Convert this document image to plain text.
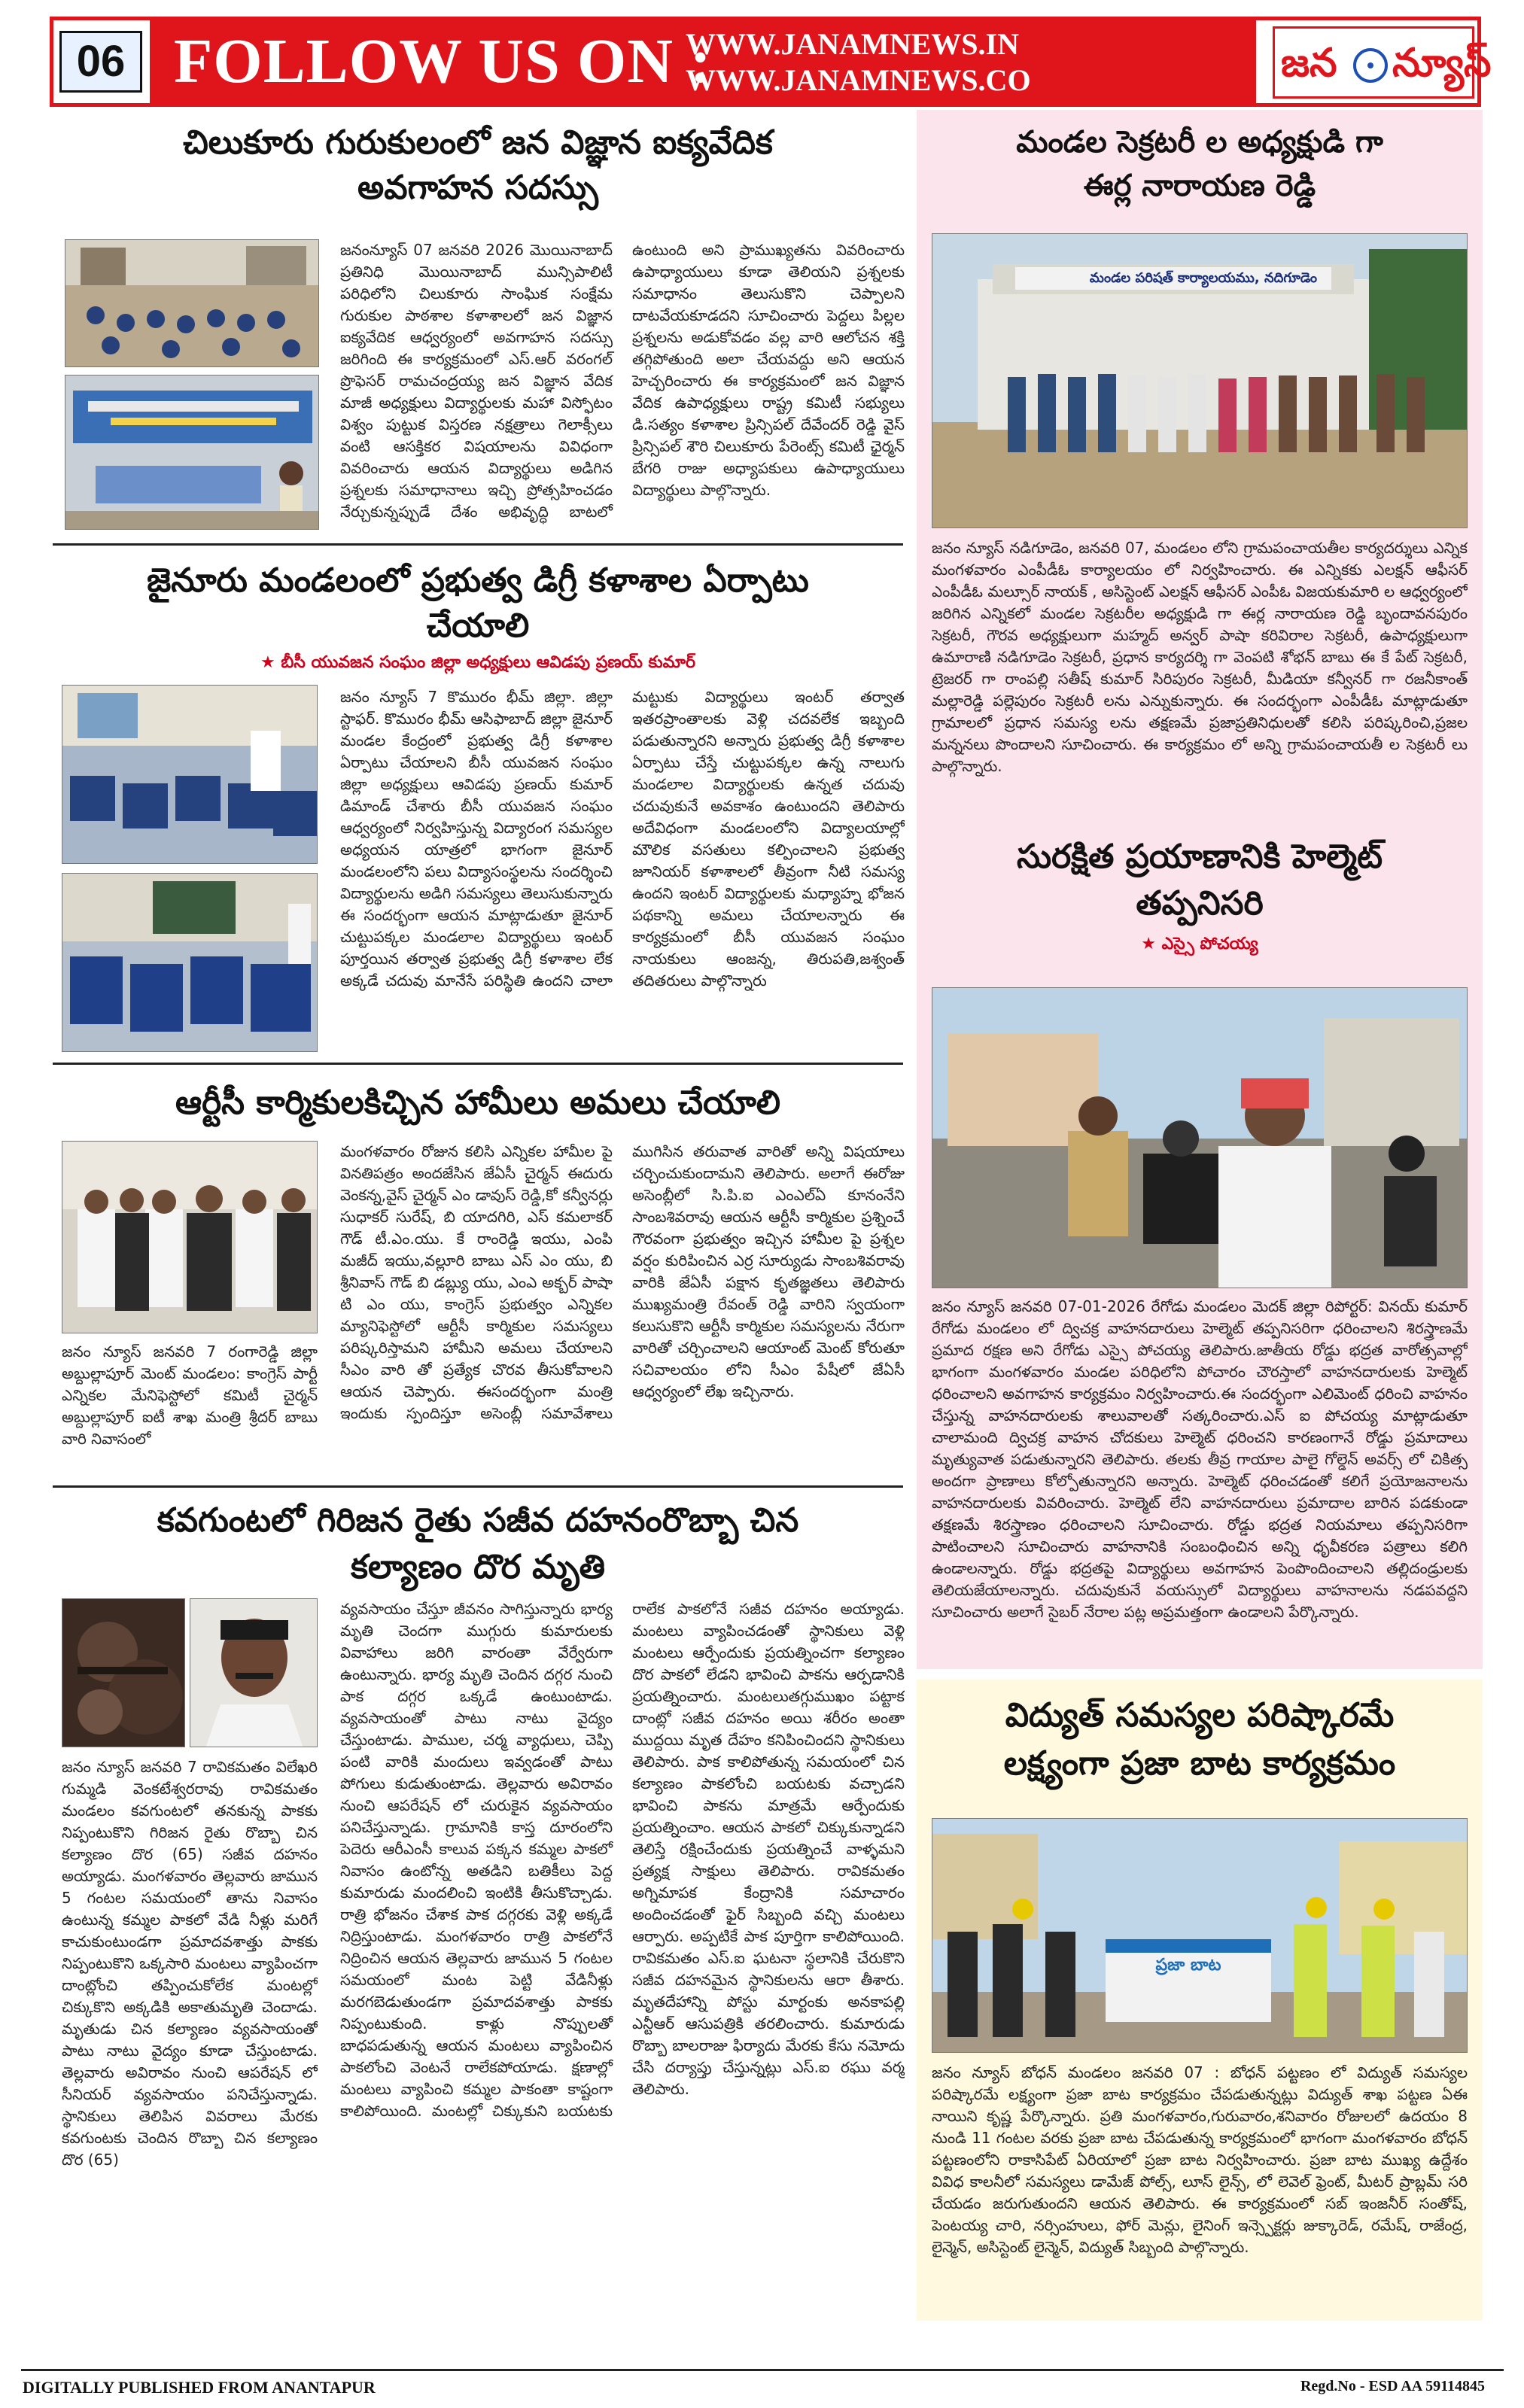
06 FOLLOW US ON :
WWW.JANAMNEWS.IN
WWW.JANAMNEWS.CO	జన న్యూస్
చిలుకూరు గురుకులంలో జన విజ్ఞాన ఐక్యవేదిక
అవగాహన సదస్సు
జనంన్యూస్ 07 జనవరి 2026 మొయినాబాద్ ప్రతినిధి మొయినాబాద్ మున్సిపాలిటీ పరిధిలోని చిలుకూరు సాంఘిక సంక్షేమ గురుకుల పాఠశాల కళాశాలలో జన విజ్ఞాన ఐక్యవేదిక ఆధ్వర్యంలో అవగాహన సదస్సు జరిగింది ఈ కార్యక్రమంలో ఎస్.ఆర్ వరంగల్ ప్రొఫెసర్ రామచంద్రయ్య జన విజ్ఞాన వేదిక మాజీ అధ్యక్షులు విద్యార్థులకు మహా విస్ఫోటం విశ్వం పుట్టుక విస్తరణ నక్షత్రాలు గెలాక్సీలు వంటి ఆసక్తికర విషయాలను వివిధంగా వివరించారు ఆయన విద్యార్థులు అడిగిన ప్రశ్నలకు సమాధానాలు ఇచ్చి ప్రోత్సహించడం నేర్చుకున్నప్పుడే దేశం అభివృద్ధి బాటలో ఉంటుంది అని ప్రాముఖ్యతను వివరించారు ఉపాధ్యాయులు కూడా తెలియని ప్రశ్నలకు సమాధానం తెలుసుకొని చెప్పాలని దాటవేయకూడదని సూచించారు పెద్దలు పిల్లల ప్రశ్నలను అడుకోవడం వల్ల వారి ఆలోచన శక్తి తగ్గిపోతుంది అలా చేయవద్దు అని ఆయన హెచ్చరించారు ఈ కార్యక్రమంలో జన విజ్ఞాన వేదిక ఉపాధ్యక్షులు రాష్ట్ర కమిటీ సభ్యులు డి.సత్యం కళాశాల ప్రిన్సిపల్ దేవేందర్ రెడ్డి వైస్ ప్రిన్సిపల్ శౌరి చిలుకూరు పేరెంట్స్ కమిటీ ఛైర్మన్ బేగరి రాజు అధ్యాపకులు ఉపాధ్యాయులు విద్యార్థులు పాల్గొన్నారు.
జైనూరు మండలంలో ప్రభుత్వ డిగ్రీ కళాశాల ఏర్పాటు
చేయాలి
★ బీసీ యువజన సంఘం జిల్లా అధ్యక్షులు ఆవిడపు ప్రణయ్ కుమార్
జనం న్యూస్ 7 కొమురం భీమ్ జిల్లా. జిల్లా స్టాఫర్. కొమురం భీమ్ ఆసిఫాబాద్ జిల్లా జైనూర్ మండల కేంద్రంలో ప్రభుత్వ డిగ్రీ కళాశాల ఏర్పాటు చేయాలని బీసీ యువజన సంఘం జిల్లా అధ్యక్షులు ఆవిడపు ప్రణయ్ కుమార్ డిమాండ్ చేశారు బీసీ యువజన సంఘం ఆధ్వర్యంలో నిర్వహిస్తున్న విద్యారంగ సమస్యల అధ్యయన యాత్రలో భాగంగా జైనూర్ మండలంలోని పలు విద్యాసంస్థలను సందర్శించి విద్యార్థులను అడిగి సమస్యలు తెలుసుకున్నారు ఈ సందర్భంగా ఆయన మాట్లాడుతూ జైనూర్ చుట్టుపక్కల మండలాల విద్యార్థులు ఇంటర్ పూర్తయిన తర్వాత ప్రభుత్వ డిగ్రీ కళాశాల లేక అక్కడే చదువు మానేసే పరిస్థితి ఉందని చాలా మట్టుకు విద్యార్థులు ఇంటర్ తర్వాత ఇతరప్రాంతాలకు వెళ్లి చదవలేక ఇబ్బంది పడుతున్నారని అన్నారు ప్రభుత్వ డిగ్రీ కళాశాల ఏర్పాటు చేస్తే చుట్టుపక్కల ఉన్న నాలుగు మండలాల విద్యార్థులకు ఉన్నత చదువు చదువుకునే అవకాశం ఉంటుందని తెలిపారు అదేవిధంగా మండలంలోని విద్యాలయాల్లో మౌలిక వసతులు కల్పించాలని ప్రభుత్వ జూనియర్ కళాశాలలో తీవ్రంగా నీటి సమస్య ఉందని ఇంటర్ విద్యార్థులకు మధ్యాహ్న భోజన పథకాన్ని అమలు చేయాలన్నారు ఈ కార్యక్రమంలో బీసీ యువజన సంఘం నాయకులు ఆంజన్న, తిరుపతి,జశ్వంత్ తదితరులు పాల్గొన్నారు
ఆర్టీసీ కార్మికులకిచ్చిన హామీలు అమలు చేయాలి
జనం న్యూస్ జనవరి 7 రంగారెడ్డి జిల్లా అబ్దుల్లాపూర్ మెంట్ మండలం: కాంగ్రెస్ పార్టీ ఎన్నికల మేనిఫెస్టోలో కమిటీ చైర్మన్ అబ్దుల్లాపూర్ ఐటీ శాఖ మంత్రి శ్రీదర్ బాబు వారి నివాసంలో
మంగళవారం రోజున కలిసి ఎన్నికల హామీల పై వినతిపత్రం అందజేసిన జేఏసీ చైర్మన్ ఈదురు వెంకన్న,వైస్ చైర్మన్ ఎం డావుస్ రెడ్డి,కో కన్వీనర్లు సుధాకర్ సురేష్, బి యాదగిరి, ఎస్ కమలాకర్ గౌడ్ టీ.ఎం.యు. కే రాంరెడ్డి ఇయు, ఎంపి మజీద్ ఇయు,వల్లూరి బాబు ఎస్ ఎం యు, బి శ్రీనివాస్ గౌడ్ బి డబ్ల్యు యు, ఎంఎ అక్బర్ పాషా టి ఎం యు, కాంగ్రెస్ ప్రభుత్వం ఎన్నికల మ్యానిఫెస్టోలో ఆర్టీసీ కార్మికుల సమస్యలు పరిష్కరిస్తామని హామీని అమలు చేయాలని సీఎం వారి తో ప్రత్యేక చొరవ తీసుకోవాలని ఆయన చెప్పారు. ఈసందర్భంగా మంత్రి ఇందుకు స్పందిస్తూ అసెంబ్లీ సమావేశాలు ముగిసిన తరువాత వారితో అన్ని విషయాలు చర్చించుకుందామని తెలిపారు. అలాగే ఈరోజు అసెంబ్లీలో సి.పి.ఐ ఎంఎల్ఏ కూనంనేని సాంబశివరావు ఆయన ఆర్టీసీ కార్మికుల ప్రశ్నించే గౌరవంగా ప్రభుత్వం ఇచ్చిన హామీల పై ప్రశ్నల వర్షం కురిపించిన ఎర్ర సూర్యుడు సాంబశివరావు వారికి జేఏసీ పక్షాన కృతజ్ఞతలు తెలిపారు ముఖ్యమంత్రి రేవంత్ రెడ్డి వారిని స్వయంగా కలుసుకొని ఆర్టీసీ కార్మికుల సమస్యలను నేరుగా వారితో చర్చించాలని ఆయాంట్ మెంట్ కోరుతూ సచివాలయం లోని సీఎం పేషీలో జేఏసీ ఆధ్వర్యంలో లేఖ ఇచ్చినారు.
కవగుంటలో గిరిజన రైతు సజీవ దహనంరొబ్బా చిన
కల్యాణం దొర మృతి
జనం న్యూస్ జనవరి 7 రావికమతం విలేఖరి గుమ్మడి వెంకటేశ్వరరావు రావికమతం మండలం కవగుంటలో తనకున్న పాకకు నిప్పంటుకొని గిరిజన రైతు రొబ్బా చిన కల్యాణం దొర (65) సజీవ దహనం అయ్యాడు. మంగళవారం తెల్లవారు జామున 5 గంటల సమయంలో తాను నివాసం ఉంటున్న కమ్మల పాకలో వేడి నీళ్లు మరిగే కాచుకుంటుండగా ప్రమాదవశాత్తు పాకకు నిప్పంటుకొని ఒక్కసారి మంటలు వ్యాపించగా దాంట్లోంచి తప్పించుకోలేక మంటల్లో చిక్కుకొని అక్కడికి అకాతుమృతి చెందాడు. మృతుడు చిన కల్యాణం వ్యవసాయంతో పాటు నాటు వైద్యం కూడా చేస్తుంటాడు. తెల్లవారు అవిరావం నుంచి ఆపరేషన్ లో సీనియర్ వ్యవసాయం పనిచేస్తున్నాడు. స్థానికులు తెలిపిన వివరాలు మేరకు కవగుంటకు చెందిన రొబ్బా చిన కల్యాణం దొర (65)
వ్యవసాయం చేస్తూ జీవనం సాగిస్తున్నారు భార్య మృతి చెందగా ముగ్గురు కుమారులకు వివాహాలు జరిగి వారంతా వేర్వేరుగా ఉంటున్నారు. భార్య మృతి చెందిన దగ్గర నుంచి పాక దగ్గర ఒక్కడే ఉంటుంటాడు. వ్యవసాయంతో పాటు నాటు వైద్యం చేస్తుంటాడు. పాముల, చర్మ వ్యాధులు, చెప్పి పంటి వారికి మందులు ఇవ్వడంతో పాటు పోగులు కుడుతుంటాడు. తెల్లవారు అవిరావం నుంచి ఆపరేషన్ లో చురుకైన వ్యవసాయం పనిచేస్తున్నాడు. గ్రామానికి కాస్త దూరంలోని పెదెరు ఆరీఎంసీ కాలువ పక్కన కమ్మల పాకలో నివాసం ఉంటోన్న అతడిని బతికీలు పెద్ద కుమారుడు మందలించి ఇంటికి తీసుకొచ్చాడు. రాత్రి భోజనం చేశాక పాక దగ్గరకు వెళ్లి అక్కడే నిద్రిస్తుంటాడు. మంగళవారం రాత్రి పాకలోనే నిద్రించిన ఆయన తెల్లవారు జామున 5 గంటల సమయంలో మంట పెట్టి వేడినీళ్లు మరగబెడుతుండగా ప్రమాదవశాత్తు పాకకు నిప్పంటుకుంది. కాళ్లు నొప్పులతో బాధపడుతున్న ఆయన మంటలు వ్యాపించిన పాకలోంచి వెంటనే రాలేకపోయాడు. క్షణాల్లో మంటలు వ్యాపించి కమ్మల పాకంతా కాష్టంగా కాలిపోయింది. మంటల్లో చిక్కుకుని బయటకు రాలేక పాకలోనే సజీవ దహనం అయ్యాడు. మంటలు వ్యాపించడంతో స్థానికులు వెళ్లి మంటలు ఆర్పేందుకు ప్రయత్నించగా కల్యాణం దొర పాకలో లేడని భావించి పాకను ఆర్పడానికి ప్రయత్నించారు. మంటలుతగ్గుముఖం పట్టాక దాంట్లో సజీవ దహనం అయి శరీరం అంతా ముద్దయి మృత దేహం కనిపించిందని స్థానికులు తెలిపారు. పాక కాలిపోతున్న సమయంలో చిన కల్యాణం పాకలోంచి బయటకు వచ్చాడని భావించి పాకను మాత్రమే ఆర్పేందుకు ప్రయత్నించాం. ఆయన పాకలో చిక్కుకున్నాడని తెలిస్తే రక్షించేందుకు ప్రయత్నించే వాళ్ళమని ప్రత్యక్ష సాక్షులు తెలిపారు. రావికమతం అగ్నిమాపక కేంద్రానికి సమాచారం అందించడంతో ఫైర్ సిబ్బంది వచ్చి మంటలు ఆర్పారు. అప్పటికే పాక పూర్తిగా కాలిపోయింది. రావికమతం ఎస్.ఐ ఘటనా స్థలానికి చేరుకొని సజీవ దహనమైన స్థానికులను ఆరా తీశారు. మృతదేహాన్ని పోస్టు మార్టంకు అనకాపల్లి ఎన్టీఆర్ ఆసుపత్రికి తరలించారు. కుమారుడు రొబ్బా బాలరాజు ఫిర్యాదు మేరకు కేసు నమోదు చేసి దర్యాప్తు చేస్తున్నట్లు ఎస్.ఐ రఘు వర్మ తెలిపారు.
మండల సెక్రటరీ ల అధ్యక్షుడి గా
ఈర్ల నారాయణ రెడ్డి
మండల పరిషత్ కార్యాలయము, నదిగూడెం
జనం న్యూస్ నడిగూడెం, జనవరి 07, మండలం లోని గ్రామపంచాయతీల కార్యదర్శులు ఎన్నిక మంగళవారం ఎంపీడీఓ కార్యాలయం లో నిర్వహించారు. ఈ ఎన్నికకు ఎలక్షన్ ఆఫీసర్ ఎంపీడీఓ మల్సూర్ నాయక్ , అసిస్టెంట్ ఎలక్షన్ ఆఫీసర్ ఎంపీఓ విజయకుమారి ల ఆధ్వర్యంలో జరిగిన ఎన్నికలో మండల సెక్రటరీల అధ్యక్షుడి గా ఈర్ల నారాయణ రెడ్డి బృందావనపురం సెక్రటరీ, గౌరవ అధ్యక్షులుగా మహ్మద్ అన్వర్ పాషా కరివిరాల సెక్రటరీ, ఉపాధ్యక్షులుగా ఉమారాణి నడిగూడెం సెక్రటరీ, ప్రధాన కార్యదర్శి గా వెంపటి శోభన్ బాబు ఈ కే పేట్ సెక్రటరీ, ట్రెజరర్ గా రాంపల్లి సతీష్ కుమార్ సిరిపురం సెక్రటరీ, మీడియా కన్వీనర్ గా రజనీకాంత్ మల్లారెడ్డి పల్లెపురం సెక్రటరీ లను ఎన్నుకున్నారు. ఈ సందర్భంగా ఎంపీడీఓ మాట్లాడుతూ గ్రామాలలో ప్రధాన సమస్య లను తక్షణమే ప్రజాప్రతినిధులతో కలిసి పరిష్కరించి,ప్రజల మన్ననలు పొందాలని సూచించారు. ఈ కార్యక్రమం లో అన్ని గ్రామపంచాయతీ ల సెక్రటరీ లు పాల్గొన్నారు.
సురక్షిత ప్రయాణానికి హెల్మెట్
తప్పనిసరి
★ ఎస్సై పోచయ్య
జనం న్యూస్ జనవరి 07-01-2026 రేగోడు మండలం మెదక్ జిల్లా రిపోర్టర్: వినయ్ కుమార్ రేగోడు మండలం లో ద్విచక్ర వాహనదారులు హెల్మెట్ తప్పనిసరిగా ధరించాలని శిరస్త్రాణమే ప్రమాద రక్షణ అని రేగోడు ఎస్సై పోచయ్య తెలిపారు.జాతీయ రోడ్డు భద్రత వారోత్సవాల్లో భాగంగా మంగళవారం మండల పరిధిలోని పోచారం చౌరస్తాలో వాహనదారులకు హెల్మెట్ ధరించాలని అవగాహన కార్యక్రమం నిర్వహించారు.ఈ సందర్భంగా ఎలిమెంట్ ధరించి వాహనం చేస్తున్న వాహనదారులకు శాలువాలతో సత్కరించారు.ఎస్ ఐ పోచయ్య మాట్లాడుతూ చాలామంది ద్విచక్ర వాహన చోదకులు హెల్మెట్ ధరించని కారణంగానే రోడ్డు ప్రమాదాలు మృత్యువాత పడుతున్నారని తెలిపారు. తలకు తీవ్ర గాయాల పాలై గోల్డెన్ అవర్స్ లో చికిత్స అందగా ప్రాణాలు కోల్పోతున్నారని అన్నారు. హెల్మెట్ ధరించడంతో కలిగే ప్రయోజనాలను వాహనదారులకు వివరించారు. హెల్మెట్ లేని వాహనదారులు ప్రమాదాల బారిన పడకుండా తక్షణమే శిరస్త్రాణం ధరించాలని సూచించారు. రోడ్డు భద్రత నియమాలు తప్పనిసరిగా పాటించాలని సూచించారు వాహనానికి సంబంధించిన అన్ని ధృవీకరణ పత్రాలు కలిగి ఉండాలన్నారు. రోడ్డు భద్రతపై విద్యార్థులు అవగాహన పెంపొందించాలని తల్లిదండ్రులకు తెలియజేయాలన్నారు. చదువుకునే వయస్సులో విద్యార్థులు వాహనాలను నడపవద్దని సూచించారు అలాగే సైబర్ నేరాల పట్ల అప్రమత్తంగా ఉండాలని పేర్కొన్నారు.
విద్యుత్ సమస్యల పరిష్కారమే
లక్ష్యంగా ప్రజా బాట కార్యక్రమం
ప్రజా బాట
జనం న్యూస్ బోధన్ మండలం జనవరి 07 : బోధన్ పట్టణం లో విద్యుత్ సమస్యల పరిష్కారమే లక్ష్యంగా ప్రజా బాట కార్యక్రమం చేపడుతున్నట్లు విద్యుత్ శాఖ పట్టణ ఏఈ నాయిని కృష్ణ పేర్కొన్నారు. ప్రతి మంగళవారం,గురువారం,శనివారం రోజులలో ఉదయం 8 నుండి 11 గంటల వరకు ప్రజా బాట చేపడుతున్న కార్యక్రమంలో భాగంగా మంగళవారం బోధన్ పట్టణంలోని రాకాసిపేట్ ఏరియాలో ప్రజా బాట నిర్వహించారు. ప్రజా బాట ముఖ్య ఉద్దేశం వివిధ కాలనీలో సమస్యలు డామేజ్ పోల్స్, లూస్ లైన్స్, లో లెవెల్ ఫ్రెంట్, మీటర్ ప్రాబ్లమ్ సరి చేయడం జరుగుతుందని ఆయన తెలిపారు. ఈ కార్యక్రమంలో సబ్ ఇంజనీర్ సంతోష్, పెంటయ్య చారి, నర్సింహులు, ఫోర్ మెన్లు, లైనింగ్ ఇన్స్పెక్టర్లు జుక్కారెడ్, రమేష్, రాజేంద్ర, లైన్మెన్, అసిస్టెంట్ లైన్మెన్, విద్యుత్ సిబ్బంది పాల్గొన్నారు.
DIGITALLY PUBLISHED FROM ANANTAPUR	Regd.No - ESD AA 59114845
